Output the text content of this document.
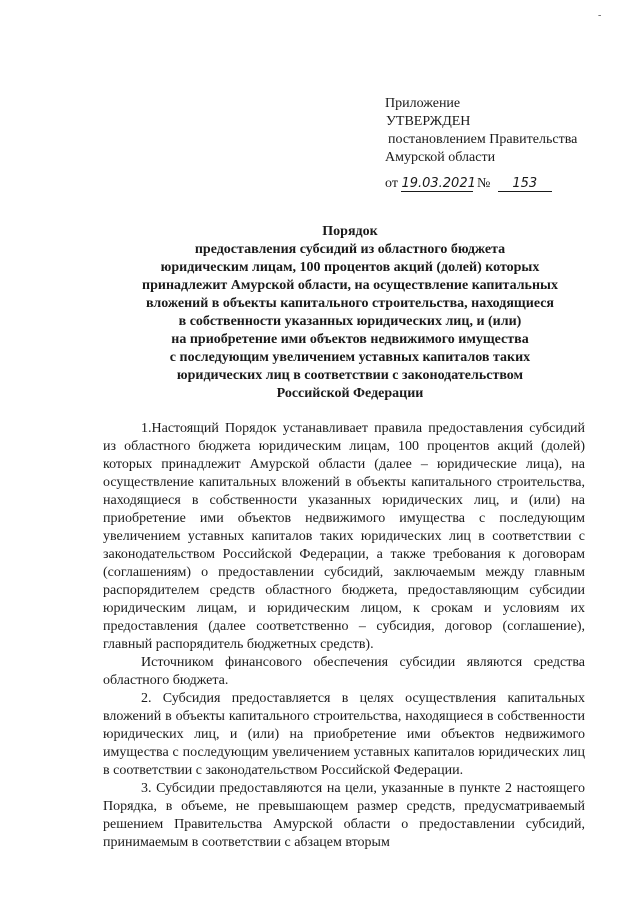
-
Приложение
УТВЕРЖДЕН
постановлением Правительства
Амурской области
от 19.03.2021 № 153
Порядок
предоставления субсидий из областного бюджета
юридическим лицам, 100 процентов акций (долей) которых
принадлежит Амурской области, на осуществление капитальных
вложений в объекты капитального строительства, находящиеся
в собственности указанных юридических лиц, и (или)
на приобретение ими объектов недвижимого имущества
с последующим увеличением уставных капиталов таких
юридических лиц в соответствии с законодательством
Российской Федерации

1.Настоящий Порядок устанавливает правила предоставления субсидий из областного бюджета юридическим лицам, 100 процентов акций (долей) которых принадлежит Амурской области (далее – юридические лица), на осуществление капитальных вложений в объекты капитального строительства, находящиеся в собственности указанных юридических лиц, и (или) на приобретение ими объектов недвижимого имущества с последующим увеличением уставных капиталов таких юридических лиц в соответствии с законодательством Российской Федерации, а также требования к договорам (соглашениям) о предоставлении субсидий, заключаемым между главным распорядителем средств областного бюджета, предоставляющим субсидии юридическим лицам, и юридическим лицом, к срокам и условиям их предоставления (далее соответственно – субсидия, договор (соглашение), главный распорядитель бюджетных средств).

Источником финансового обеспечения субсидии являются средства областного бюджета.

2. Субсидия предоставляется в целях осуществления капитальных вложений в объекты капитального строительства, находящиеся в собственности юридических лиц, и (или) на приобретение ими объектов недвижимого имущества с последующим увеличением уставных капиталов юридических лиц в соответствии с законодательством Российской Федерации.

3. Субсидии предоставляются на цели, указанные в пункте 2 настоящего Порядка, в объеме, не превышающем размер средств, предусматриваемый решением Правительства Амурской области о предоставлении субсидий, принимаемым в соответствии с абзацем вторым
